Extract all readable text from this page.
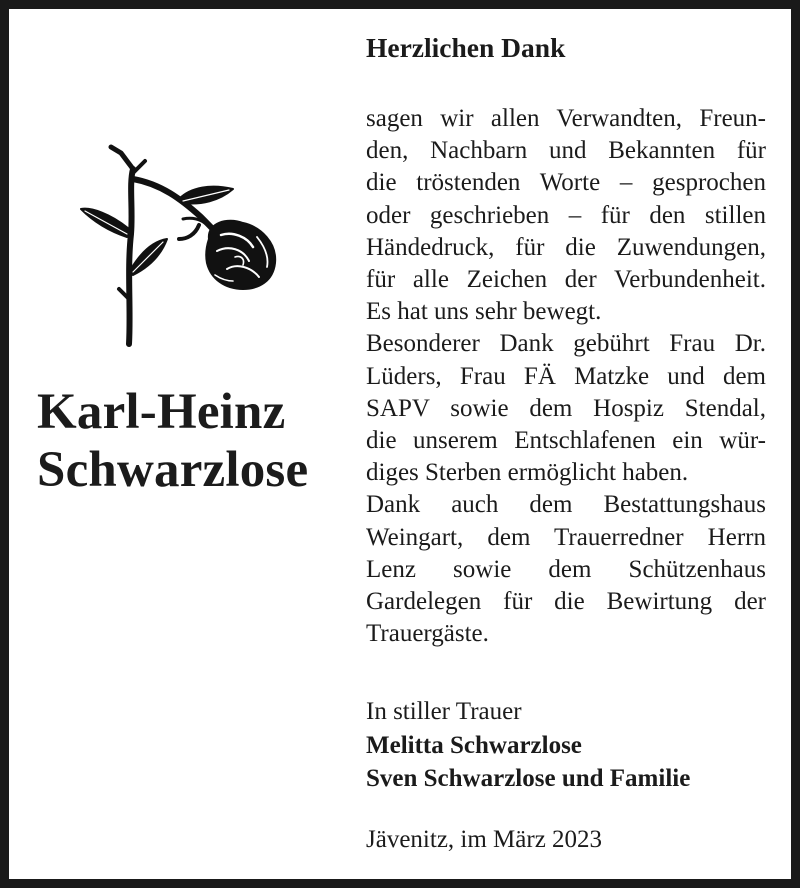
Karl-Heinz
Schwarzlose
Herzlichen Dank
sagen wir allen Verwandten, Freun-
den, Nachbarn und Bekannten für
die tröstenden Worte – gesprochen
oder geschrieben – für den stillen
Händedruck, für die Zuwendungen,
für alle Zeichen der Verbundenheit.
Es hat uns sehr bewegt.
Besonderer Dank gebührt Frau Dr.
Lüders, Frau FÄ Matzke und dem
SAPV sowie dem Hospiz Stendal,
die unserem Entschlafenen ein wür-
diges Sterben ermöglicht haben.
Dank auch dem Bestattungshaus
Weingart, dem Trauerredner Herrn
Lenz sowie dem Schützenhaus
Gardelegen für die Bewirtung der
Trauergäste.
In stiller Trauer
Melitta Schwarzlose
Sven Schwarzlose und Familie
Jävenitz, im März 2023
